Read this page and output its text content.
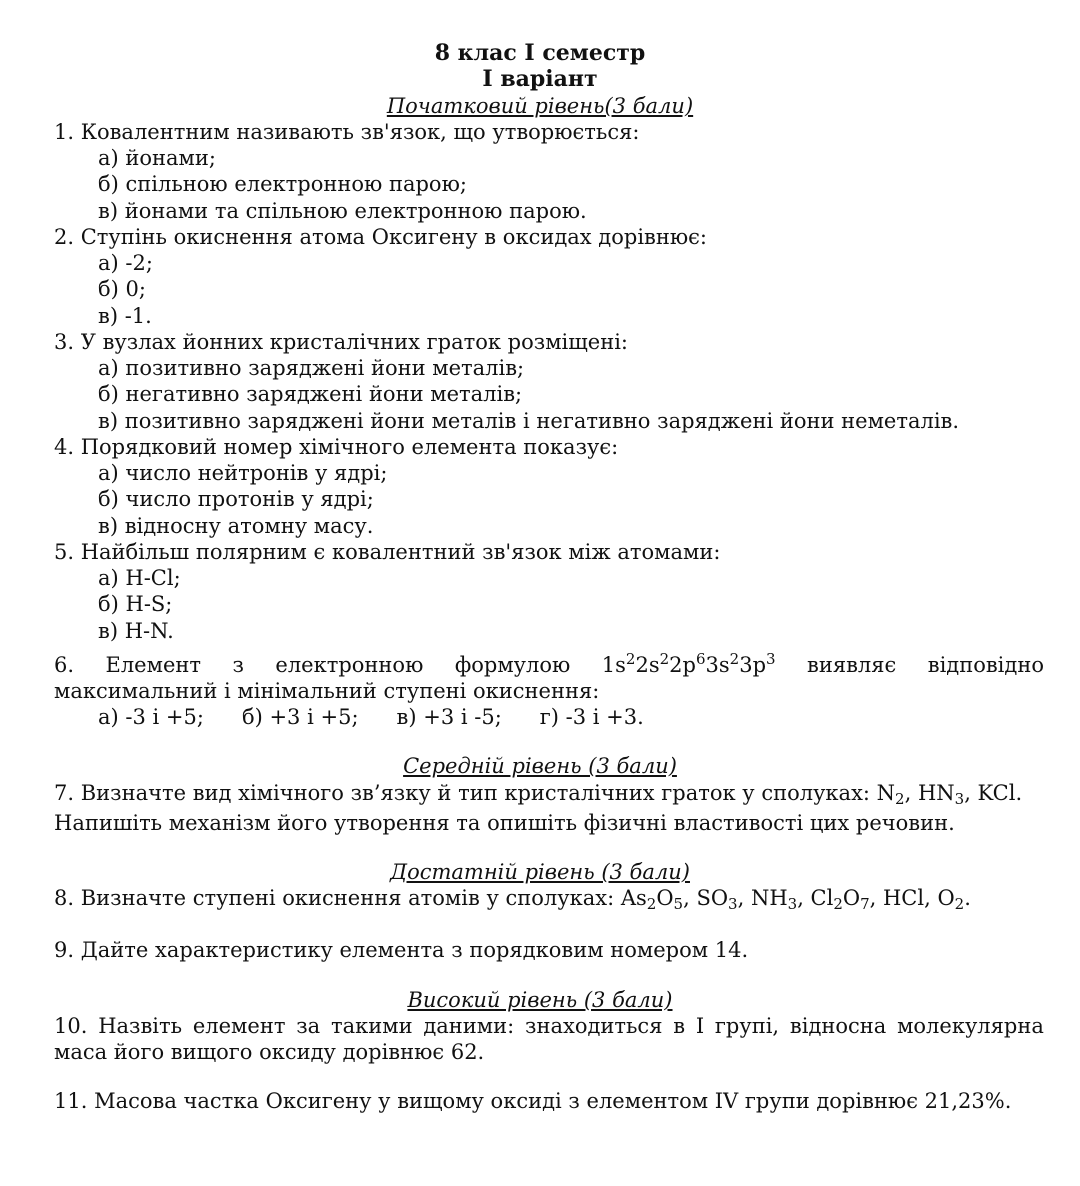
8 клас І семестр
І варіант
Початковий рівень(3 бали)
1. Ковалентним називають зв'язок, що утворюється:
а) йонами;
б) спільною електронною парою;
в) йонами та спільною електронною парою.
2. Ступінь окиснення атома Оксигену в оксидах дорівнює:
а) -2;
б) 0;
в) -1.
3. У вузлах йонних кристалічних граток розміщені:
а) позитивно заряджені йони металів;
б) негативно заряджені йони металів;
в) позитивно заряджені йони металів і негативно заряджені йони неметалів.
4. Порядковий номер хімічного елемента показує:
а) число нейтронів у ядрі;
б) число протонів у ядрі;
в) відносну атомну масу.
5. Найбільш полярним є ковалентний зв'язок між атомами:
а) H-Cl;
б) H-S;
в) H-N.
6. Елемент з електронною формулою $1s^22s^22p^63s^23p^3$ виявляє відповідно
максимальний і мінімальний ступені окиснення:
а) -3 і +5; б) +3 і +5; в) +3 і -5; г) -3 і +3.
Середній рівень (3 бали)
7. Визначте вид хімічного зв’язку й тип кристалічних граток у сполуках: $N_2$, $HN_3$, KCl.
Напишіть механізм його утворення та опишіть фізичні властивості цих речовин.
Достатній рівень (3 бали)
8. Визначте ступені окиснення атомів у сполуках: $As_2O_5$, $SO_3$, $NH_3$, $Cl_2O_7$, HCl, $O_2$.
9. Дайте характеристику елемента з порядковим номером 14.
Високий рівень (3 бали)
10. Назвіть елемент за такими даними: знаходиться в І групі, відносна молекулярна
маса його вищого оксиду дорівнює 62.
11. Масова частка Оксигену у вищому оксиді з елементом IV групи дорівнює 21,23%.
